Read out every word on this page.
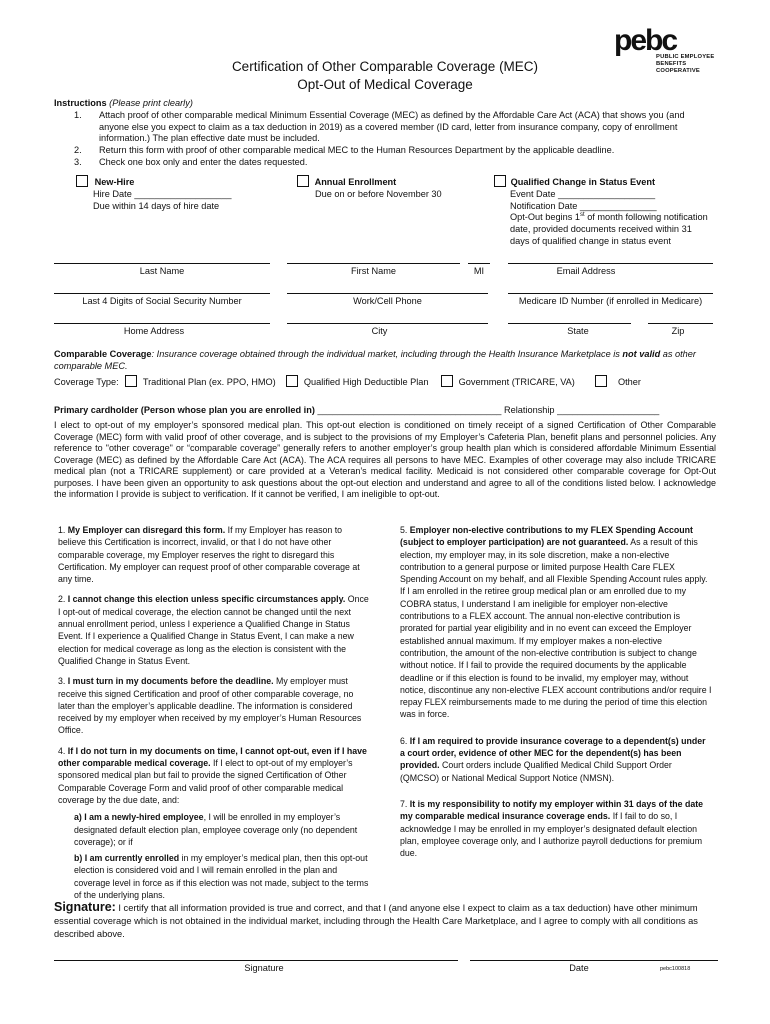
pebc
PUBLIC EMPLOYEE
BENEFITS COOPERATIVE
Certification of Other Comparable Coverage (MEC)
Opt-Out of Medical Coverage
Instructions (Please print clearly)
1. Attach proof of other comparable medical Minimum Essential Coverage (MEC) as defined by the Affordable Care Act (ACA) that shows you (and anyone else you expect to claim as a tax deduction in 2019) as a covered member (ID card, letter from insurance company, copy of enrollment information.) The plan effective date must be included.
2. Return this form with proof of other comparable medical MEC to the Human Resources Department by the applicable deadline.
3. Check one box only and enter the dates requested.
New-Hire
Hire Date ___________________
Due within 14 days of hire date
Annual Enrollment
Due on or before November 30
Qualified Change in Status Event
Event Date ___________________
Notification Date _______________
Opt-Out begins 1st of month following notification
date, provided documents received within 31
days of qualified change in status event
Last Name	First Name	MI	Email Address
Last 4 Digits of Social Security Number	Work/Cell Phone	Medicare ID Number (if enrolled in Medicare)
Home Address	City	State	Zip
Comparable Coverage: Insurance coverage obtained through the individual market, including through the Health Insurance Marketplace is not valid as other
comparable MEC.
Coverage Type:	Traditional Plan (ex. PPO, HMO)	Qualified High Deductible Plan	Government (TRICARE, VA)	Other
Primary cardholder (Person whose plan you are enrolled in) ____________________________________ Relationship ____________________
I elect to opt-out of my employer’s sponsored medical plan. This opt-out election is conditioned on timely receipt of a signed Certification of Other Comparable Coverage (MEC) form with valid proof of other coverage, and is subject to the provisions of my Employer’s Cafeteria Plan, benefit plans and personnel policies. Any reference to "other coverage" or “comparable coverage” generally refers to another employer’s group health plan which is considered affordable Minimum Essential Coverage (MEC) as defined by the Affordable Care Act (ACA). The ACA requires all persons to have MEC. Examples of other coverage may also include TRICARE medical plan (not a TRICARE supplement) or care provided at a Veteran’s medical facility. Medicaid is not considered other comparable coverage for Opt-Out purposes. I have been given an opportunity to ask questions about the opt-out election and understand and agree to all of the conditions listed below. I acknowledge the information I provide is subject to verification. If it cannot be verified, I am ineligible to opt-out.
1. My Employer can disregard this form. If my Employer has reason to believe this Certification is incorrect, invalid, or that I do not have other comparable coverage, my Employer reserves the right to disregard this Certification. My employer can request proof of other comparable coverage at any time.
2. I cannot change this election unless specific circumstances apply. Once I opt-out of medical coverage, the election cannot be changed until the next annual enrollment period, unless I experience a Qualified Change in Status Event. If I experience a Qualified Change in Status Event, I can make a new election for medical coverage as long as the election is consistent with the Qualified Change in Status Event.
3. I must turn in my documents before the deadline. My employer must receive this signed Certification and proof of other comparable coverage, no later than the employer’s applicable deadline. The information is considered received by my employer when received by my employer’s Human Resources Office.
4. If I do not turn in my documents on time, I cannot opt-out, even if I have other comparable medical coverage. If I elect to opt-out of my employer’s sponsored medical plan but fail to provide the signed Certification of Other Comparable Coverage Form and valid proof of other comparable medical coverage by the due date, and:
a) I am a newly-hired employee, I will be enrolled in my employer’s designated default election plan, employee coverage only (no dependent coverage); or if
b) I am currently enrolled in my employer’s medical plan, then this opt-out election is considered void and I will remain enrolled in the plan and coverage level in force as if this election was not made, subject to the terms of the underlying plans.
5. Employer non-elective contributions to my FLEX Spending Account (subject to employer participation) are not guaranteed. As a result of this election, my employer may, in its sole discretion, make a non-elective contribution to a general purpose or limited purpose Health Care FLEX Spending Account on my behalf, and all Flexible Spending Account rules apply. If I am enrolled in the retiree group medical plan or am enrolled due to my COBRA status, I understand I am ineligible for employer non-elective contributions to a FLEX account. The annual non-elective contribution is prorated for partial year eligibility and in no event can exceed the Employer established annual maximum. If my employer makes a non-elective contribution, the amount of the non-elective contribution is subject to change without notice. If I fail to provide the required documents by the applicable deadline or if this election is found to be invalid, my employer may, without notice, discontinue any non-elective FLEX account contributions and/or require I repay FLEX reimbursements made to me during the period of time this election was in force.
6. If I am required to provide insurance coverage to a dependent(s) under a court order, evidence of other MEC for the dependent(s) has been provided. Court orders include Qualified Medical Child Support Order (QMCSO) or National Medical Support Notice (NMSN).
7. It is my responsibility to notify my employer within 31 days of the date my comparable medical insurance coverage ends. If I fail to do so, I acknowledge I may be enrolled in my employer’s designated default election plan, employee coverage only, and I authorize payroll deductions for premium due.
Signature: I certify that all information provided is true and correct, and that I (and anyone else I expect to claim as a tax deduction) have other minimum essential coverage which is not obtained in the individual market, including through the Health Care Marketplace, and I agree to comply with all conditions as described above.
Signature	Date	pebc100818
